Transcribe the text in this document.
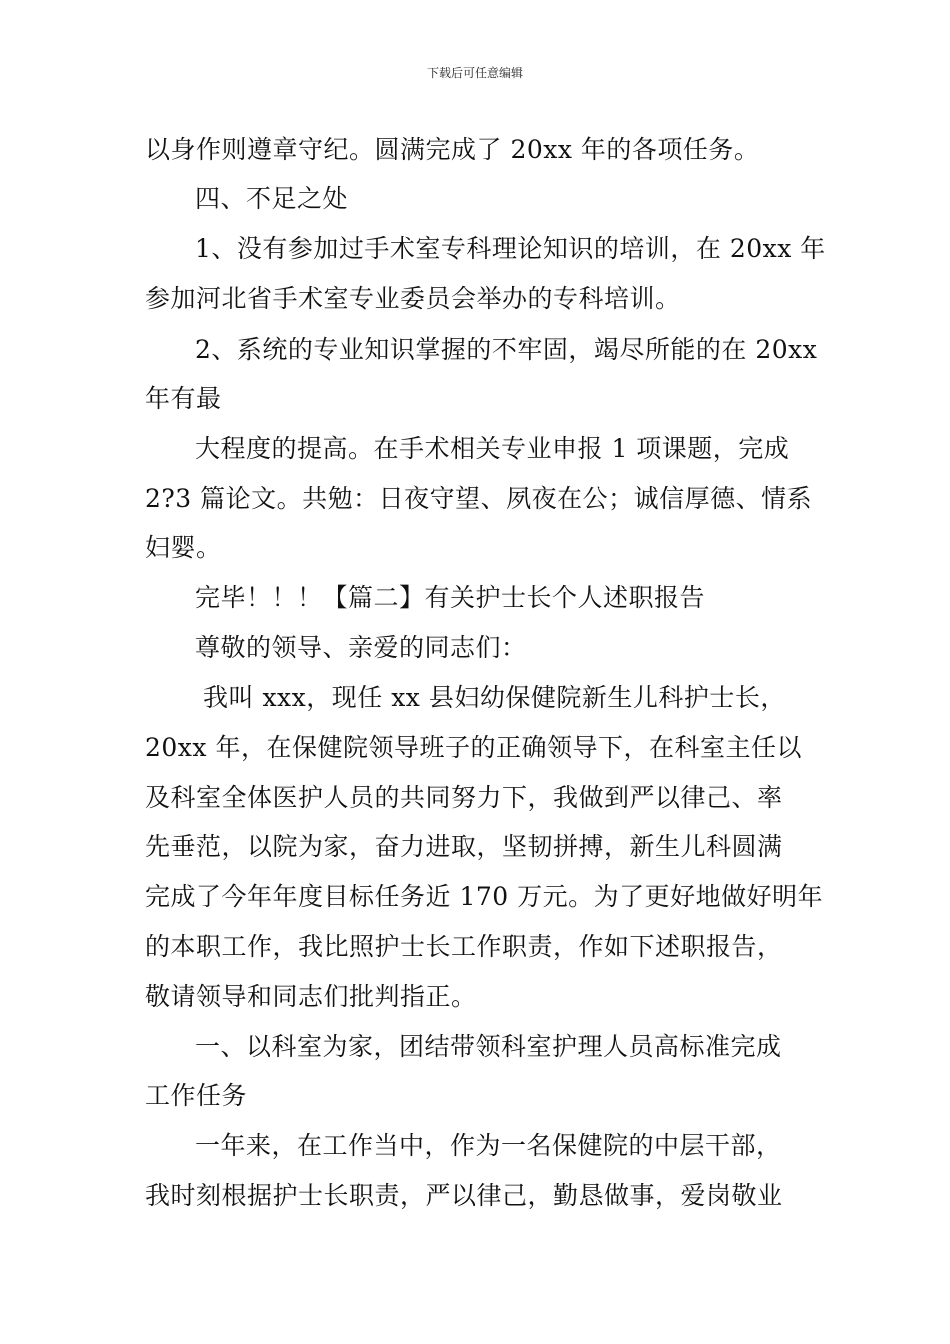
下载后可任意编辑
以身作则遵章守纪。圆满完成了 20xx 年的各项任务。
四、不足之处
1、没有参加过手术室专科理论知识的培训，在 20xx 年
参加河北省手术室专业委员会举办的专科培训。
2、系统的专业知识掌握的不牢固，竭尽所能的在 20xx
年有最
大程度的提高。在手术相关专业申报 1 项课题，完成
2?3 篇论文。共勉：日夜守望、夙夜在公；诚信厚德、情系
妇婴。
完毕！！！【篇二】有关护士长个人述职报告
尊敬的领导、亲爱的同志们：
我叫 xxx，现任 xx 县妇幼保健院新生儿科护士长，
20xx 年，在保健院领导班子的正确领导下，在科室主任以
及科室全体医护人员的共同努力下，我做到严以律己、率
先垂范，以院为家，奋力进取，坚韧拼搏，新生儿科圆满
完成了今年年度目标任务近 170 万元。为了更好地做好明年
的本职工作，我比照护士长工作职责，作如下述职报告，
敬请领导和同志们批判指正。
一、以科室为家，团结带领科室护理人员高标准完成
工作任务
一年来，在工作当中，作为一名保健院的中层干部，
我时刻根据护士长职责，严以律己，勤恳做事，爱岗敬业
